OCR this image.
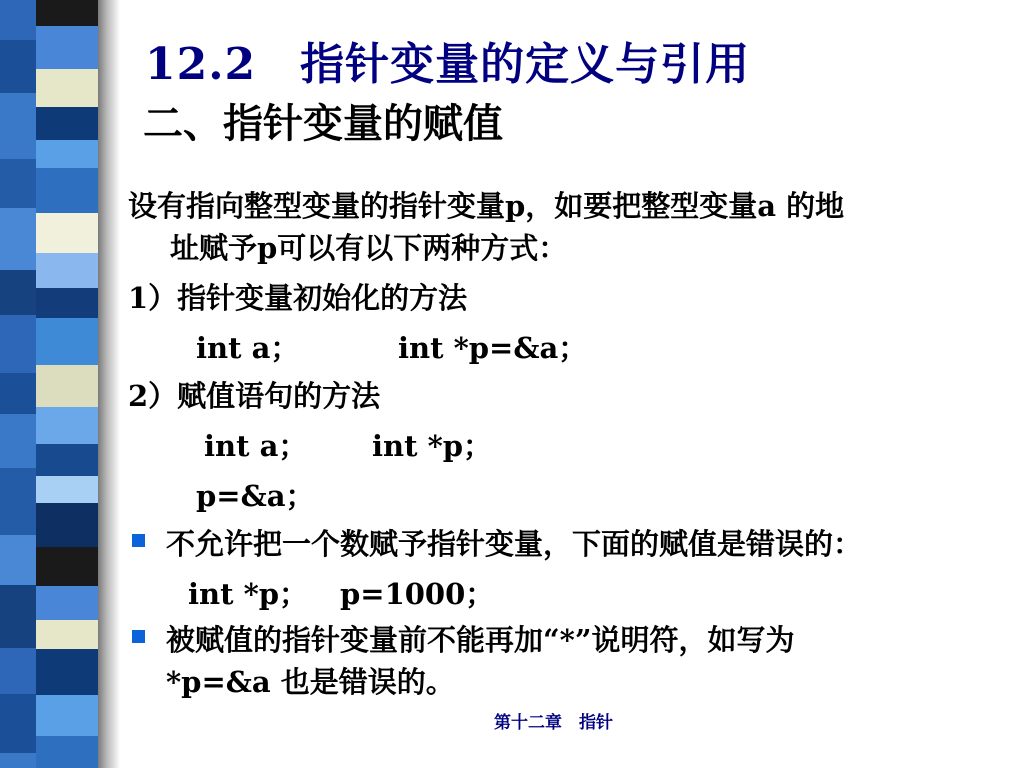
12.2 指针变量的定义与引用
二、指针变量的赋值
设有指向整型变量的指针变量p，如要把整型变量a 的地
址赋予p可以有以下两种方式：
1）指针变量初始化的方法
int a；	int *p=&a；
2）赋值语句的方法
int a； int *p；
p=&a；
不允许把一个数赋予指针变量，下面的赋值是错误的：
int *p； p=1000；
被赋值的指针变量前不能再加“*”说明符，如写为
*p=&a 也是错误的。
第十二章　指针
